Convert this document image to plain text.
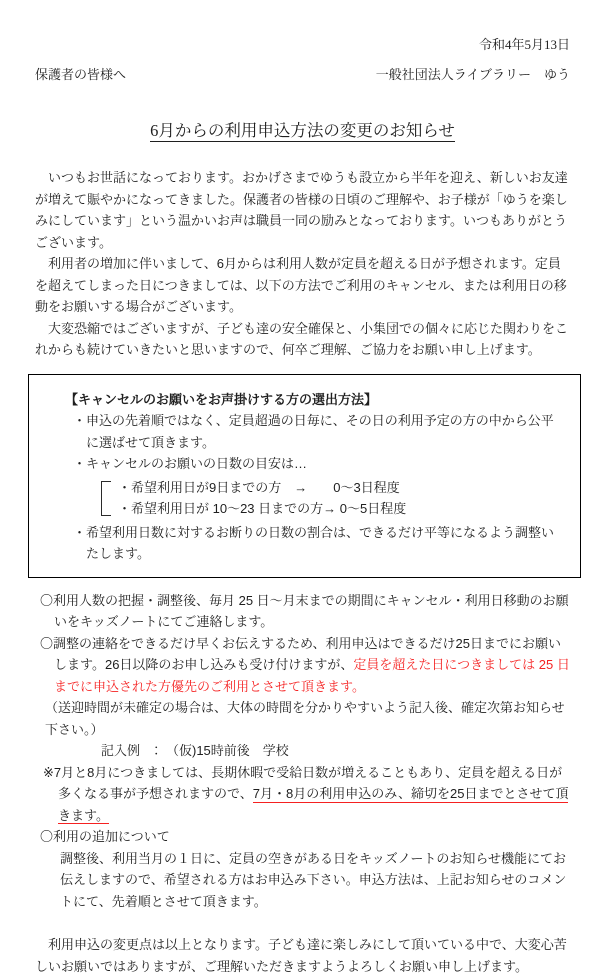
令和4年5月13日
保護者の皆様へ	一般社団法人ライブラリー　ゆう
6月からの利用申込方法の変更のお知らせ

　いつもお世話になっております。おかげさまでゆうも設立から半年を迎え、新しいお友達が増えて賑やかになってきました。保護者の皆様の日頃のご理解や、お子様が「ゆうを楽しみにしています」という温かいお声は職員一同の励みとなっております。いつもありがとうございます。

　利用者の増加に伴いまして、6月からは利用人数が定員を超える日が予想されます。定員を超えてしまった日につきましては、以下の方法でご利用のキャンセル、または利用日の移動をお願いする場合がございます。

　大変恐縮ではございますが、子ども達の安全確保と、小集団での個々に応じた関わりをこれからも続けていきたいと思いますので、何卒ご理解、ご協力をお願い申し上げます。

【キャンセルのお願いをお声掛けする方の選出方法】

・申込の先着順ではなく、定員超過の日毎に、その日の利用予定の方の中から公平に選ばせて頂きます。

・キャンセルのお願いの日数の目安は…

・希望利用日が9日までの方　→　　0～3日程度
・希望利用日が 10～23 日までの方→ 0～5日程度

・希望利用日数に対するお断りの日数の割合は、できるだけ平等になるよう調整いたします。

〇利用人数の把握・調整後、毎月 25 日～月末までの期間にキャンセル・利用日移動のお願いをキッズノートにてご連絡します。

〇調整の連絡をできるだけ早くお伝えするため、利用申込はできるだけ25日までにお願いします。26日以降のお申し込みも受け付けますが、定員を超えた日につきましては 25 日までに申込された方優先のご利用とさせて頂きます。

（送迎時間が未確定の場合は、大体の時間を分かりやすいよう記入後、確定次第お知らせ下さい。）

記入例　：　（仮)15時前後　学校

※7月と8月につきましては、長期休暇で受給日数が増えることもあり、定員を超える日が多くなる事が予想されますので、7月・8月の利用申込のみ、締切を25日までとさせて頂きます。

〇利用の追加について

調整後、利用当月の１日に、定員の空きがある日をキッズノートのお知らせ機能にてお伝えしますので、希望される方はお申込み下さい。申込方法は、上記お知らせのコメントにて、先着順とさせて頂きます。

　利用申込の変更点は以上となります。子ども達に楽しみにして頂いている中で、大変心苦しいお願いではありますが、ご理解いただきますようよろしくお願い申し上げます。
